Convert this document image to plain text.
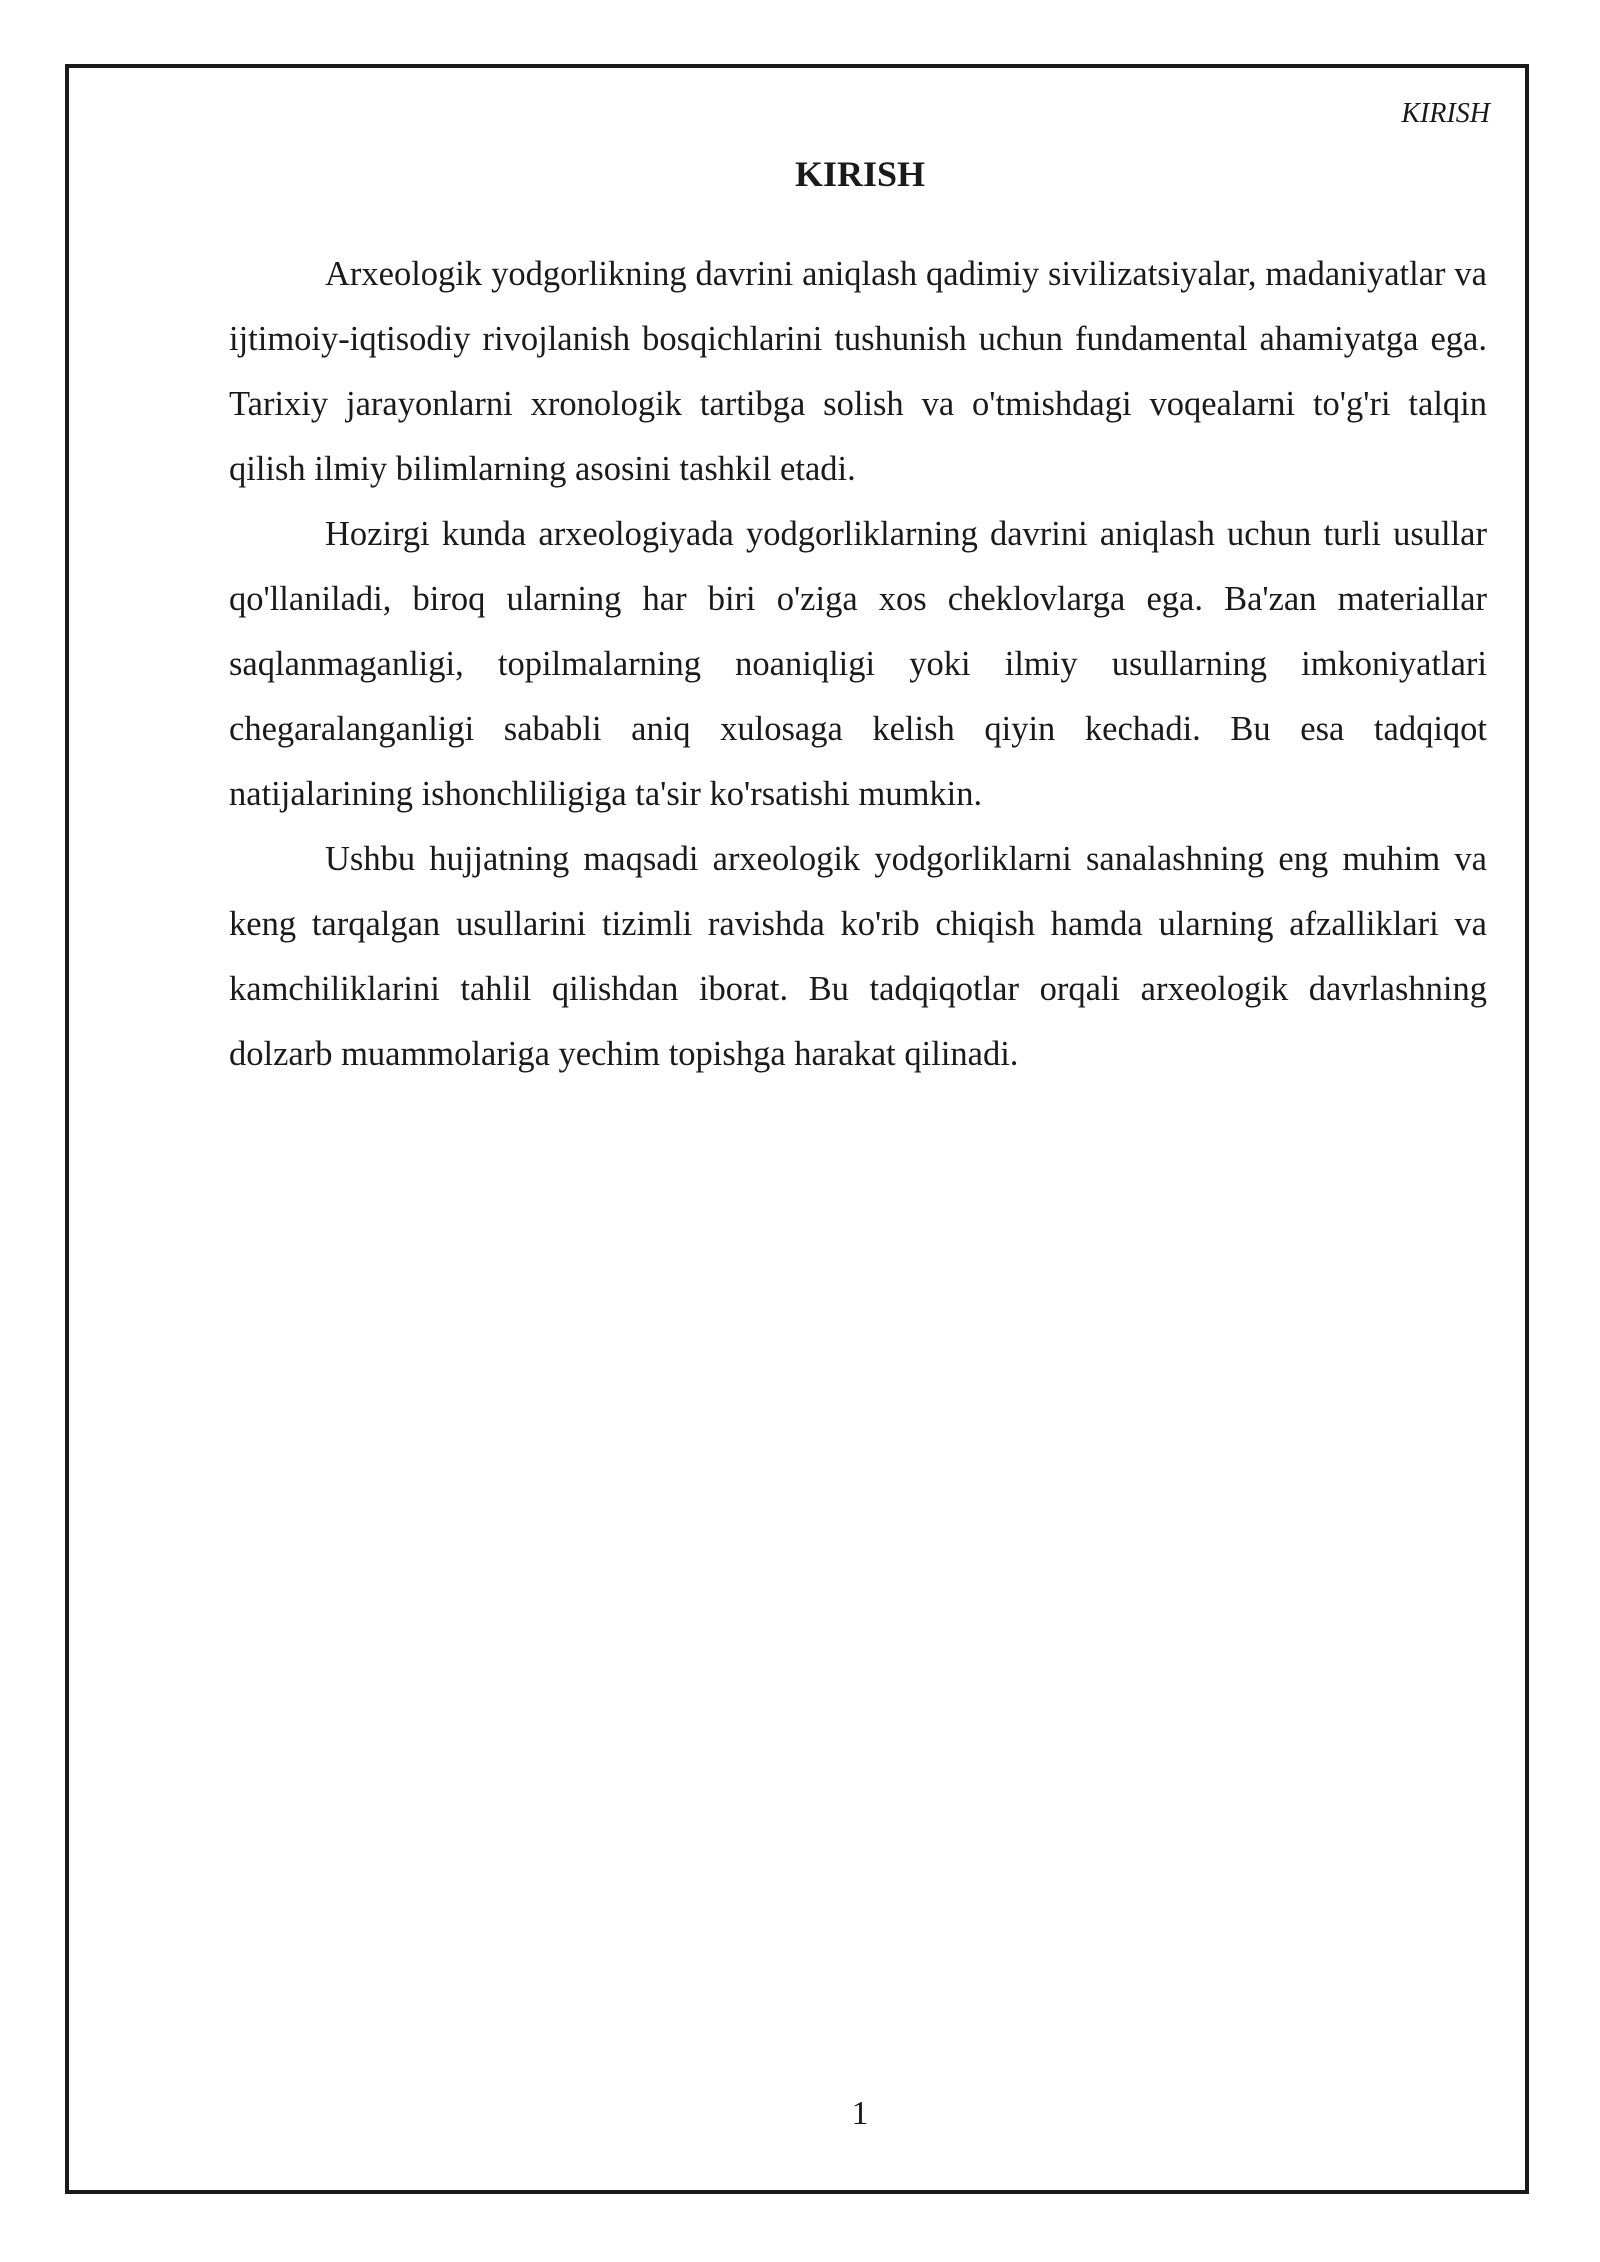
KIRISH
KIRISH

Arxeologik yodgorlikning davrini aniqlash qadimiy sivilizatsiyalar, madaniyatlar va ijtimoiy-iqtisodiy rivojlanish bosqichlarini tushunish uchun fundamental ahamiyatga ega. Tarixiy jarayonlarni xronologik tartibga solish va o'tmishdagi voqealarni to'g'ri talqin qilish ilmiy bilimlarning asosini tashkil etadi.

Hozirgi kunda arxeologiyada yodgorliklarning davrini aniqlash uchun turli usullar qo'llaniladi, biroq ularning har biri o'ziga xos cheklovlarga ega. Ba'zan materiallar saqlanmaganligi, topilmalarning noaniqligi yoki ilmiy usullarning imkoniyatlari chegaralanganligi sababli aniq xulosaga kelish qiyin kechadi. Bu esa tadqiqot natijalarining ishonchliligiga ta'sir ko'rsatishi mumkin.

Ushbu hujjatning maqsadi arxeologik yodgorliklarni sanalashning eng muhim va keng tarqalgan usullarini tizimli ravishda ko'rib chiqish hamda ularning afzalliklari va kamchiliklarini tahlil qilishdan iborat. Bu tadqiqotlar orqali arxeologik davrlashning dolzarb muammolariga yechim topishga harakat qilinadi.

1
